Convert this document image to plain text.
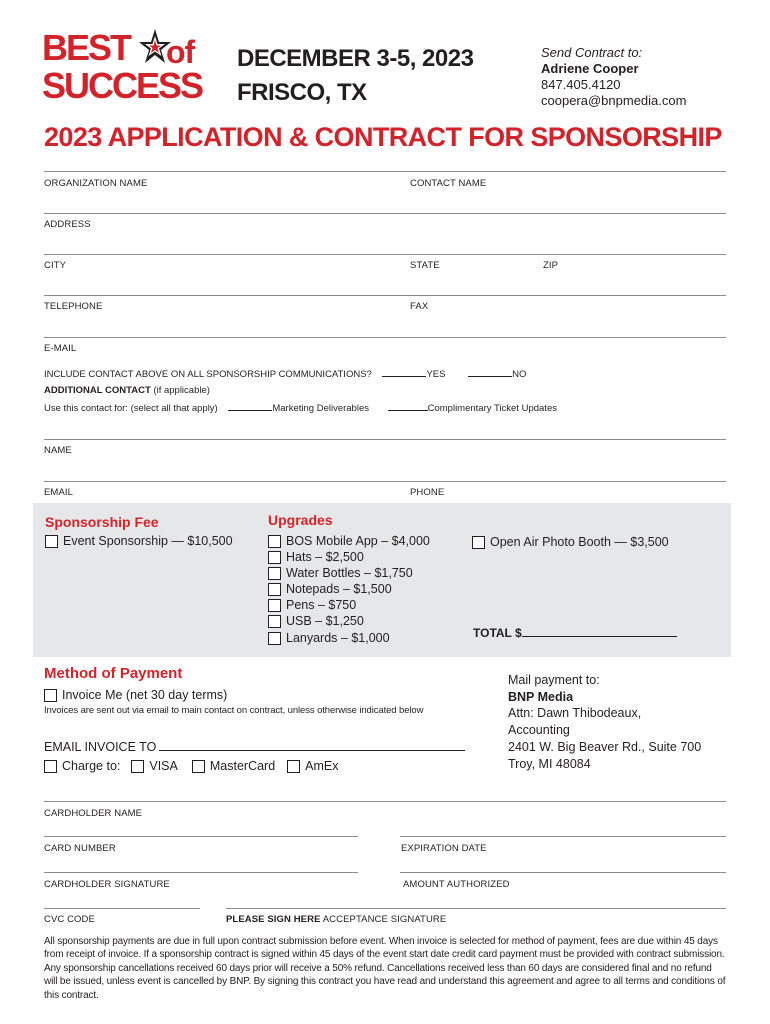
BEST of
SUCCESS
DECEMBER 3-5, 2023
FRISCO, TX
Send Contract to:
Adriene Cooper
847.405.4120
coopera@bnpmedia.com
2023 APPLICATION & CONTRACT FOR SPONSORSHIP
ORGANIZATION NAME	CONTACT NAME
ADDRESS
CITY	STATE	ZIP
TELEPHONE	FAX
E-MAIL
INCLUDE CONTACT ABOVE ON ALL SPONSORSHIP COMMUNICATIONS?	YES	NO
ADDITIONAL CONTACT (if applicable)
Use this contact for: (select all that apply)	Marketing Deliverables	Complimentary Ticket Updates
NAME
EMAIL	PHONE
Sponsorship Fee
Event Sponsorship — $10,500
Upgrades
BOS Mobile App – $4,000
Hats – $2,500
Water Bottles – $1,750
Notepads – $1,500
Pens – $750
USB – $1,250
Lanyards – $1,000
Open Air Photo Booth — $3,500
TOTAL $
Method of Payment
Invoice Me (net 30 day terms)
Invoices are sent out via email to main contact on contract, unless otherwise indicated below
EMAIL INVOICE TO
Charge to: VISA	MasterCard AmEx
Mail payment to:
BNP Media
Attn: Dawn Thibodeaux,
Accounting
2401 W. Big Beaver Rd., Suite 700
Troy, MI 48084
CARDHOLDER NAME
CARD NUMBER	EXPIRATION DATE
CARDHOLDER SIGNATURE	AMOUNT AUTHORIZED
CVC CODE	PLEASE SIGN HERE ACCEPTANCE SIGNATURE
All sponsorship payments are due in full upon contract submission before event. When invoice is selected for method of payment, fees are due within 45 days from receipt of invoice. If a sponsorship contract is signed within 45 days of the event start date credit card payment must be provided with contract submission. Any sponsorship cancellations received 60 days prior will receive a 50% refund. Cancellations received less than 60 days are considered final and no refund will be issued, unless event is cancelled by BNP. By signing this contract you have read and understand this agreement and agree to all terms and conditions of this contract.
